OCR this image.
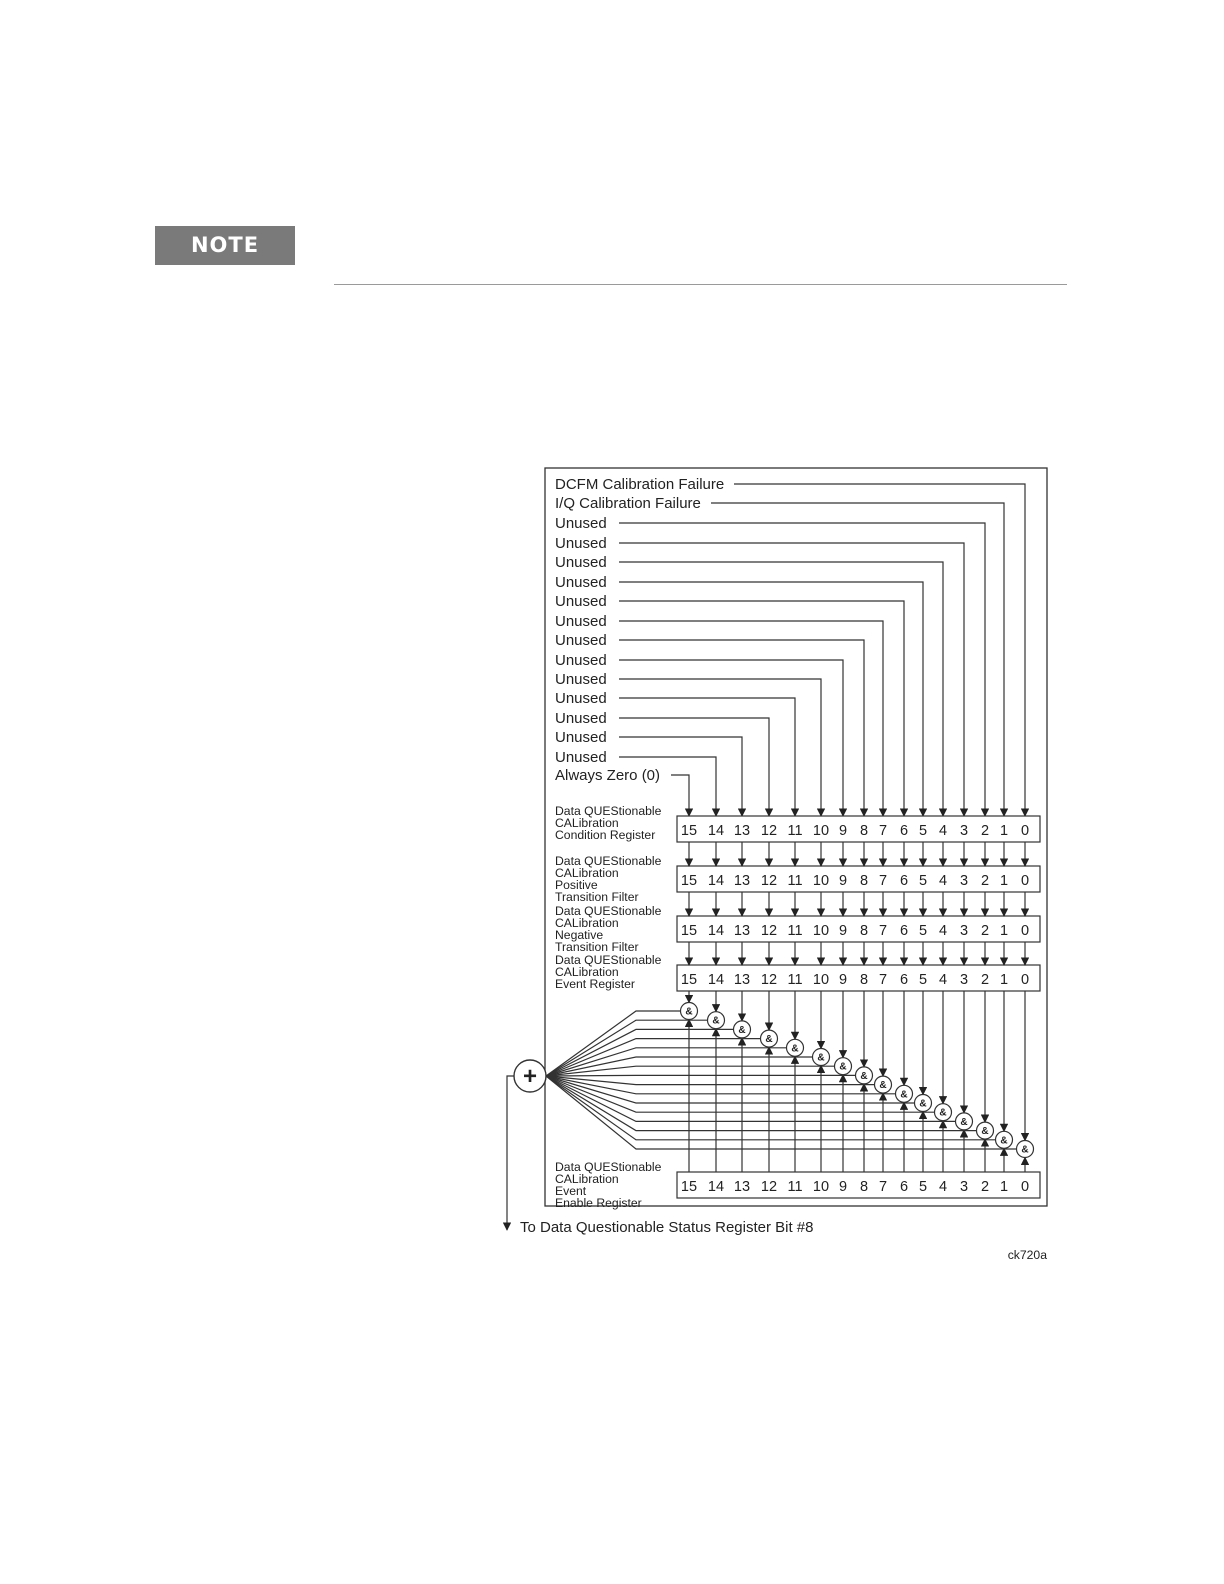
NOTE
DCFM Calibration Failure
I/Q Calibration Failure
Unused
Unused
Unused
Unused
Unused
Unused
Unused
Unused
Unused
Unused
Unused
Unused
Unused
Always Zero (0)
15 14 13 12 11 10 9 8 7 6 5 4 3 2 1 0
Data QUEStionable
CALibration
Condition Register
15 14 13 12 11 10 9 8 7 6 5 4 3 2 1 0
Data QUEStionable
CALibration
Positive
Transition Filter
15 14 13 12 11 10 9 8 7 6 5 4 3 2 1 0
Data QUEStionable
CALibration
Negative
Transition Filter
15 14 13 12 11 10 9 8 7 6 5 4 3 2 1 0
Data QUEStionable
CALibration
Event Register
15 14 13 12 11 10 9 8 7 6 5 4 3 2 1 0
Data QUEStionable
CALibration
Event
Enable Register
&
&
&
&
&
&
&
&
&
&
&
&
&
&
&
&
+
To Data Questionable Status Register Bit #8
ck720a
